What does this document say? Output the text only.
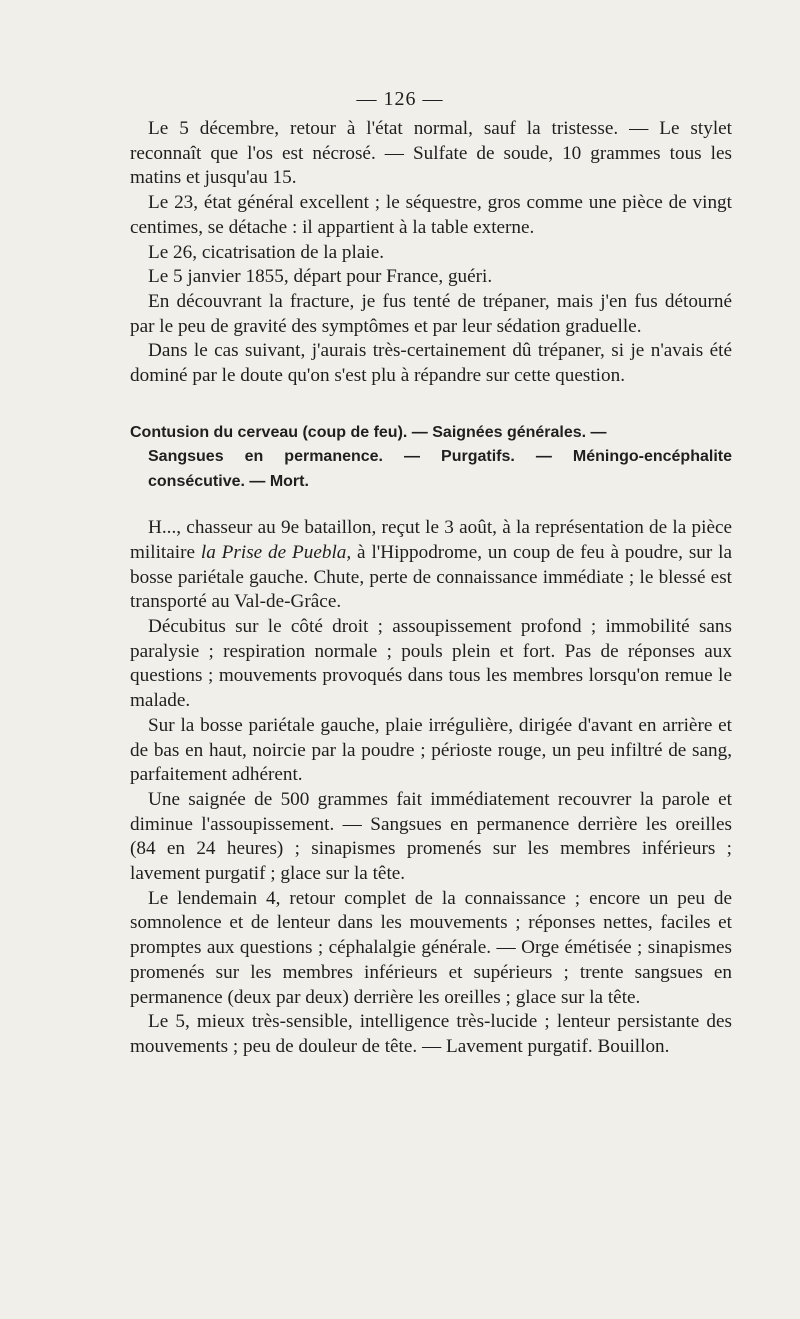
— 126 —

Le 5 décembre, retour à l'état normal, sauf la tristesse. — Le stylet reconnaît que l'os est nécrosé. — Sulfate de soude, 10 grammes tous les matins et jusqu'au 15.

Le 23, état général excellent ; le séquestre, gros comme une pièce de vingt centimes, se détache : il appartient à la table externe.

Le 26, cicatrisation de la plaie.

Le 5 janvier 1855, départ pour France, guéri.

En découvrant la fracture, je fus tenté de trépaner, mais j'en fus détourné par le peu de gravité des symptômes et par leur sédation graduelle.

Dans le cas suivant, j'aurais très-certainement dû trépaner, si je n'avais été dominé par le doute qu'on s'est plu à répandre sur cette question.

Contusion du cerveau (coup de feu). — Saignées générales. —
Sangsues en permanence. — Purgatifs. — Méningo-encéphalite consécutive. — Mort.

H..., chasseur au 9e bataillon, reçut le 3 août, à la représentation de la pièce militaire la Prise de Puebla, à l'Hippodrome, un coup de feu à poudre, sur la bosse pariétale gauche. Chute, perte de connaissance immédiate ; le blessé est transporté au Val-de-Grâce.

Décubitus sur le côté droit ; assoupissement profond ; immobilité sans paralysie ; respiration normale ; pouls plein et fort. Pas de réponses aux questions ; mouvements provoqués dans tous les membres lorsqu'on remue le malade.

Sur la bosse pariétale gauche, plaie irrégulière, dirigée d'avant en arrière et de bas en haut, noircie par la poudre ; périoste rouge, un peu infiltré de sang, parfaitement adhérent.

Une saignée de 500 grammes fait immédiatement recouvrer la parole et diminue l'assoupissement. — Sangsues en permanence derrière les oreilles (84 en 24 heures) ; sinapismes promenés sur les membres inférieurs ; lavement purgatif ; glace sur la tête.

Le lendemain 4, retour complet de la connaissance ; encore un peu de somnolence et de lenteur dans les mouvements ; réponses nettes, faciles et promptes aux questions ; céphalalgie générale. — Orge émétisée ; sinapismes promenés sur les membres inférieurs et supérieurs ; trente sangsues en permanence (deux par deux) derrière les oreilles ; glace sur la tête.

Le 5, mieux très-sensible, intelligence très-lucide ; lenteur persistante des mouvements ; peu de douleur de tête. — Lavement purgatif. Bouillon.
